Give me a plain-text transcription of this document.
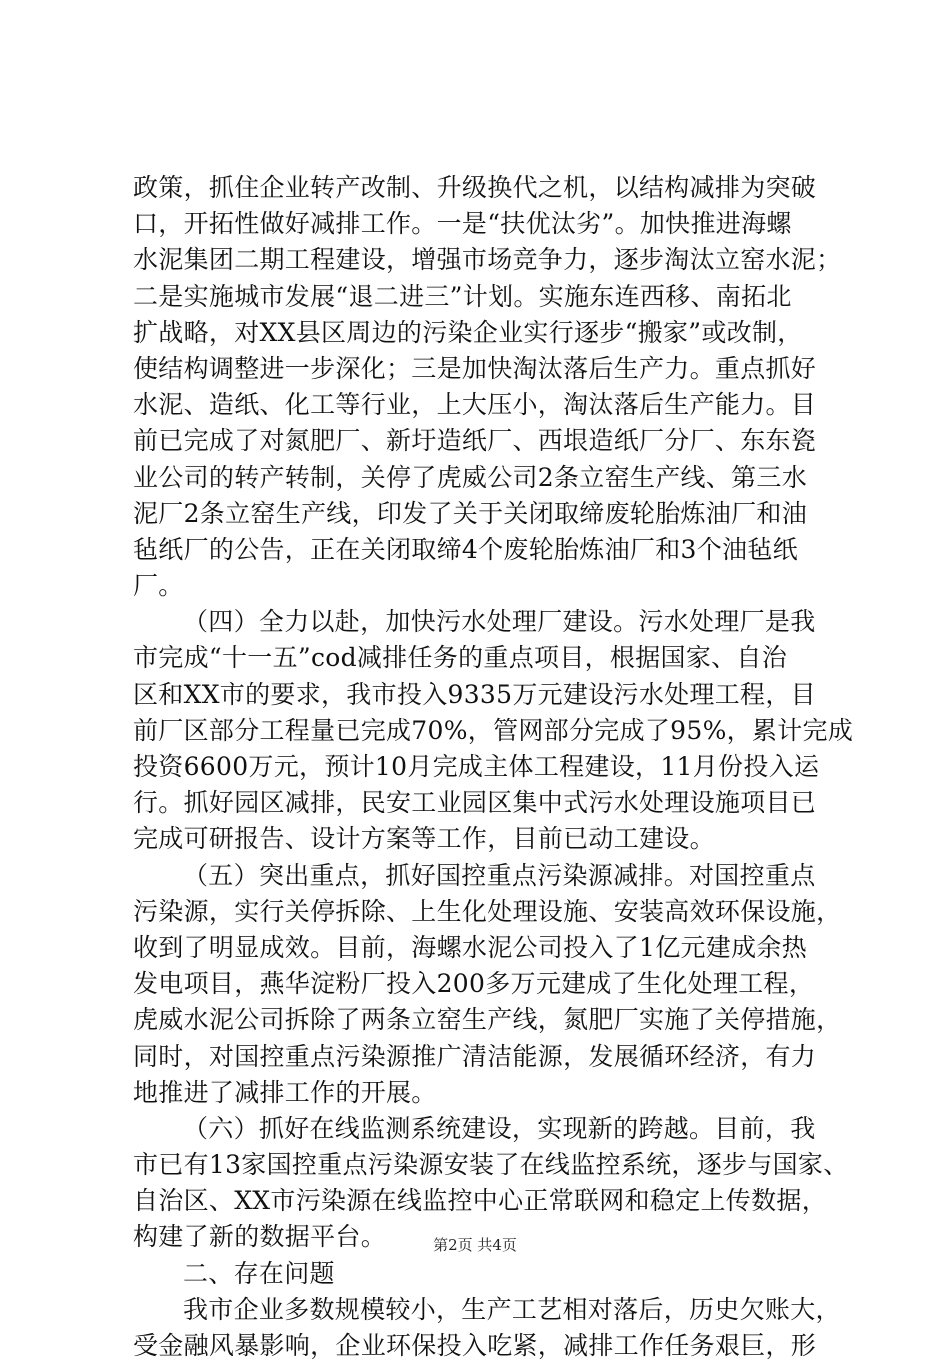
政策，抓住企业转产改制、升级换代之机，以结构减排为突破
口，开拓性做好减排工作。一是“扶优汰劣”。加快推进海螺
水泥集团二期工程建设，增强市场竞争力，逐步淘汰立窑水泥；
二是实施城市发展“退二进三”计划。实施东连西移、南拓北
扩战略，对XX县区周边的污染企业实行逐步“搬家”或改制，
使结构调整进一步深化；三是加快淘汰落后生产力。重点抓好
水泥、造纸、化工等行业，上大压小，淘汰落后生产能力。目
前已完成了对氮肥厂、新圩造纸厂、西垠造纸厂分厂、东东瓷
业公司的转产转制，关停了虎威公司2条立窑生产线、第三水
泥厂2条立窑生产线，印发了关于关闭取缔废轮胎炼油厂和油
毡纸厂的公告，正在关闭取缔4个废轮胎炼油厂和3个油毡纸
厂。
（四）全力以赴，加快污水处理厂建设。污水处理厂是我
市完成“十一五”cod减排任务的重点项目，根据国家、自治
区和XX市的要求，我市投入9335万元建设污水处理工程，目
前厂区部分工程量已完成70%，管网部分完成了95%，累计完成
投资6600万元，预计10月完成主体工程建设，11月份投入运
行。抓好园区减排，民安工业园区集中式污水处理设施项目已
完成可研报告、设计方案等工作，目前已动工建设。
（五）突出重点，抓好国控重点污染源减排。对国控重点
污染源，实行关停拆除、上生化处理设施、安装高效环保设施，
收到了明显成效。目前，海螺水泥公司投入了1亿元建成余热
发电项目，燕华淀粉厂投入200多万元建成了生化处理工程，
虎威水泥公司拆除了两条立窑生产线，氮肥厂实施了关停措施，
同时，对国控重点污染源推广清洁能源，发展循环经济，有力
地推进了减排工作的开展。
（六）抓好在线监测系统建设，实现新的跨越。目前，我
市已有13家国控重点污染源安装了在线监控系统，逐步与国家、
自治区、XX市污染源在线监控中心正常联网和稳定上传数据，
构建了新的数据平台。
二、存在问题
我市企业多数规模较小，生产工艺相对落后，历史欠账大，
受金融风暴影响，企业环保投入吃紧，减排工作任务艰巨，形
第2页 共4页
